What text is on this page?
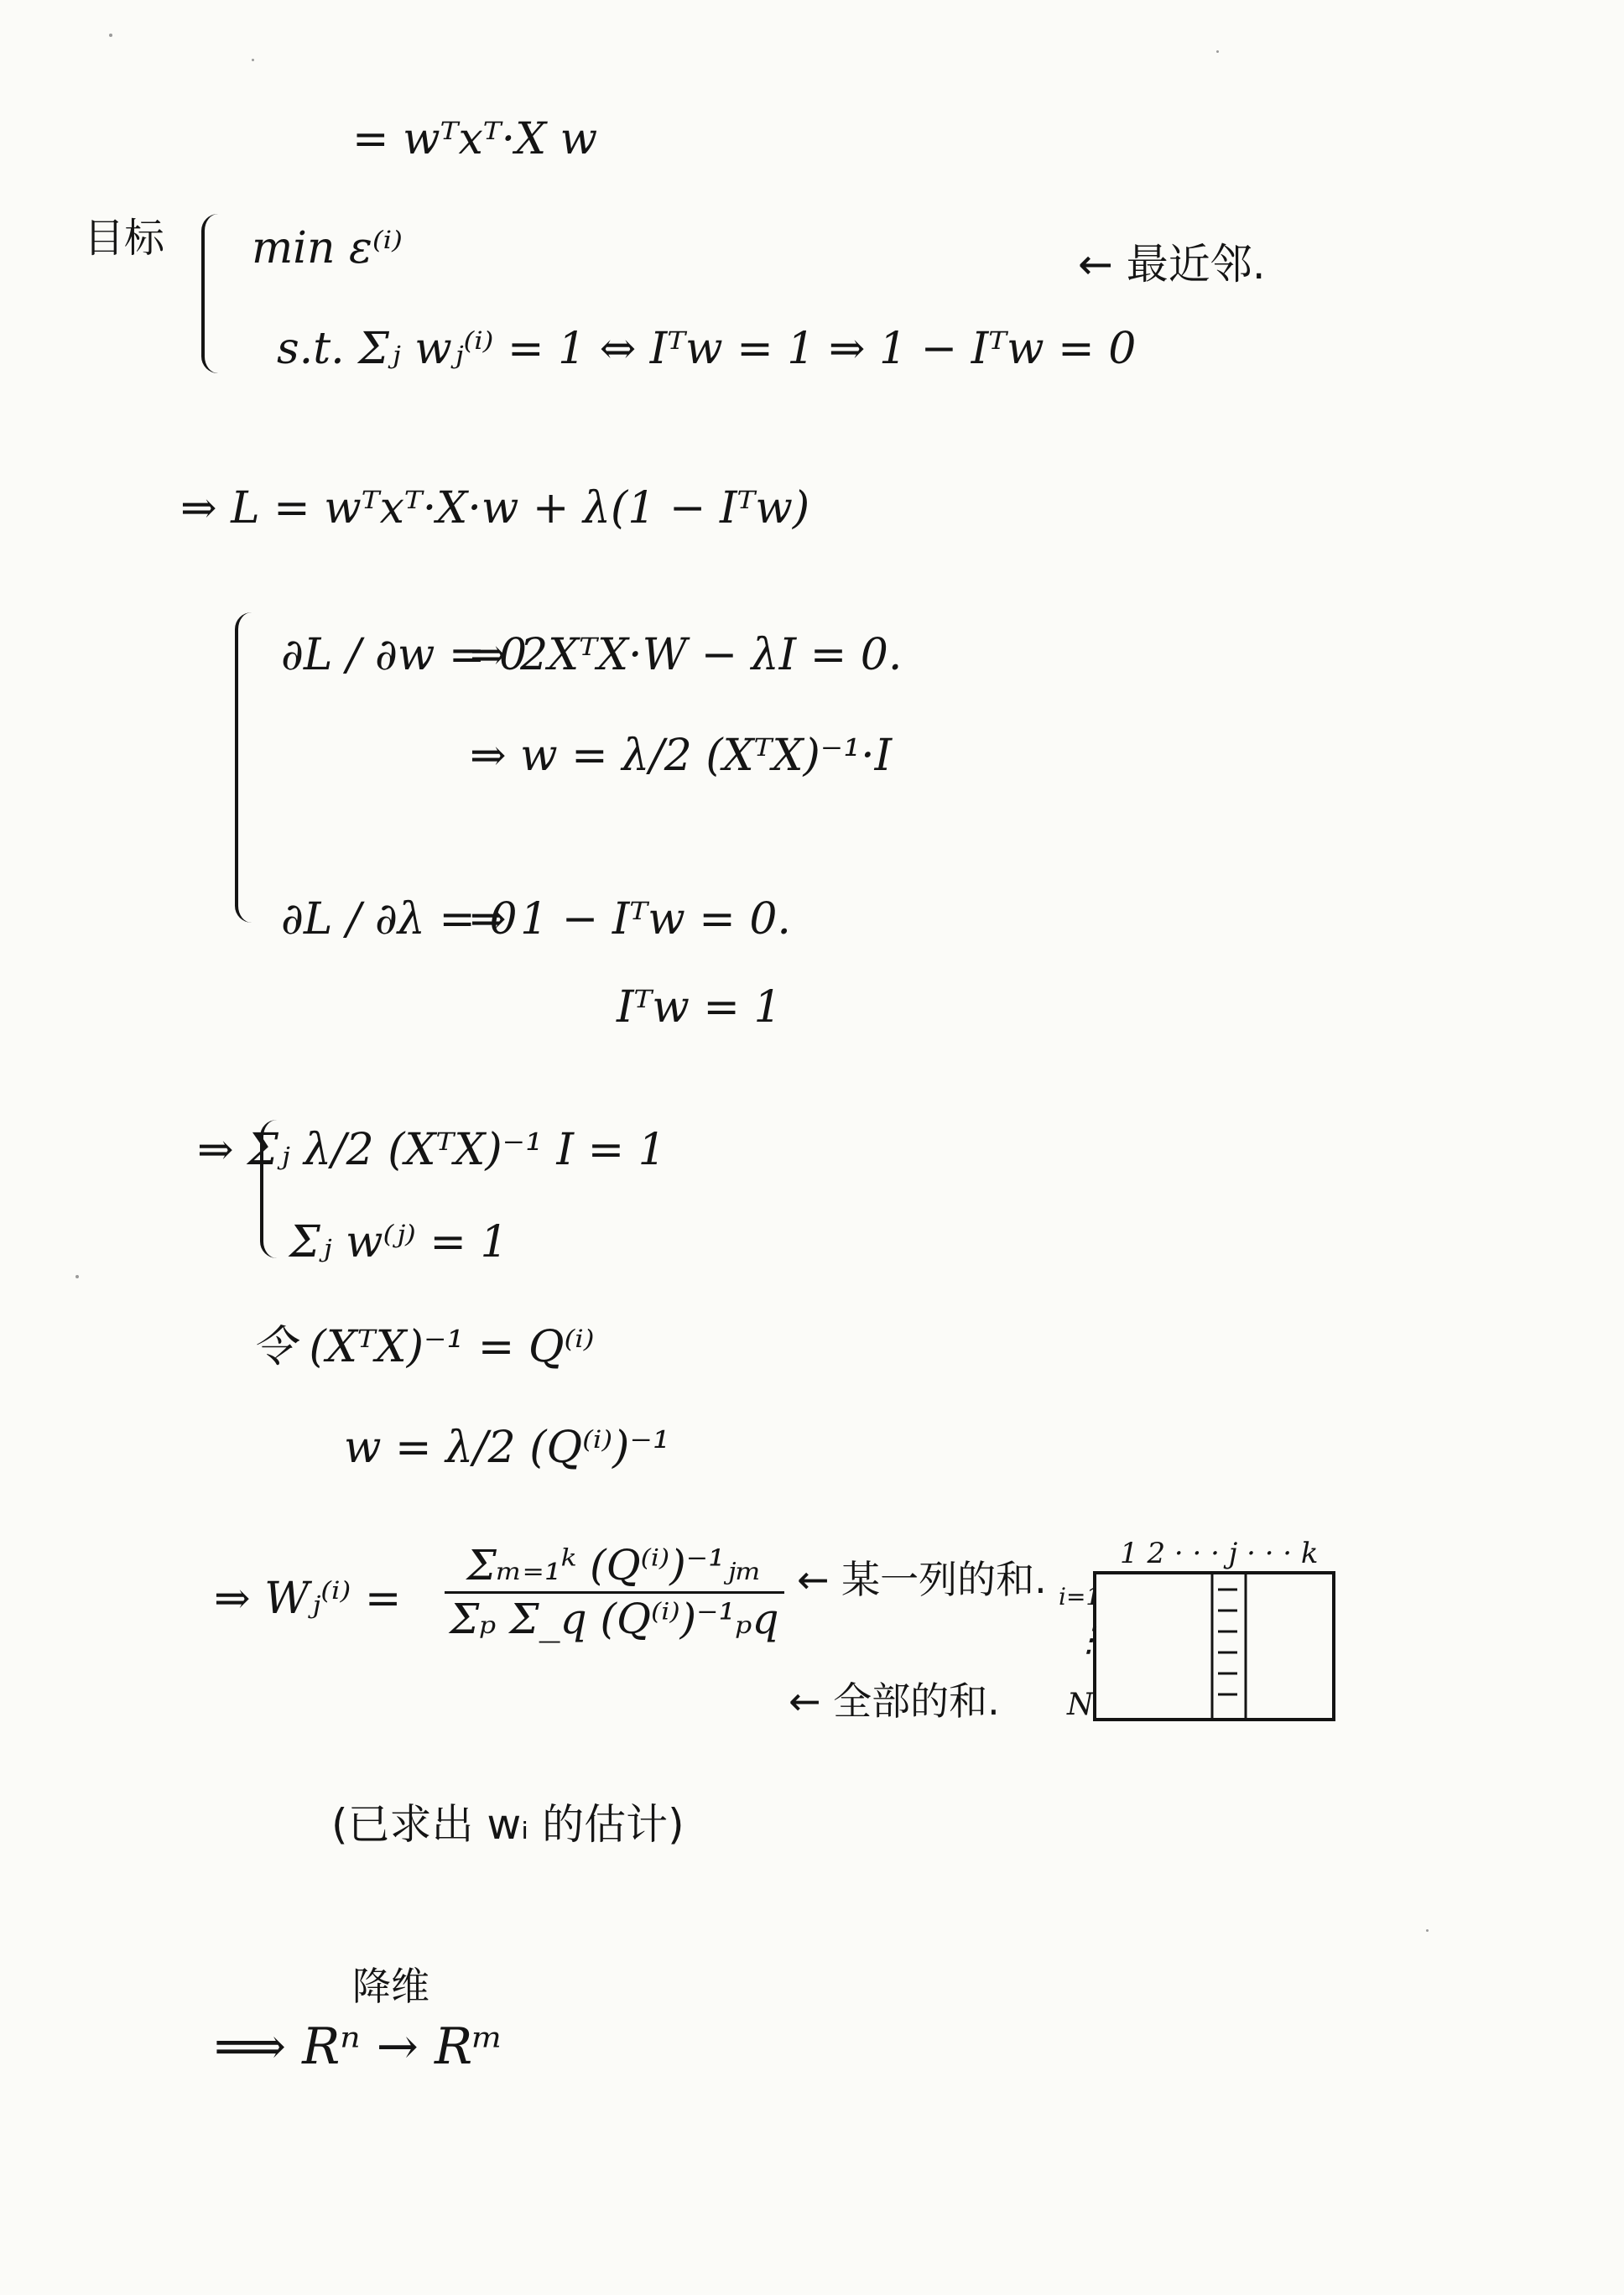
= wᵀxᵀ·X w
目标 min ε⁽ⁱ⁾	← 最近邻.
s.t. Σⱼ wⱼ⁽ⁱ⁾ = 1 ⇔ Iᵀw = 1 ⇒ 1 − Iᵀw = 0
⇒ L = wᵀxᵀ·X·w + λ(1 − Iᵀw)
∂L / ∂w = 0
⇒ 2XᵀX·W − λI = 0.
⇒ w = λ/2 (XᵀX)⁻¹·I
∂L / ∂λ = 0
⇒ 1 − Iᵀw = 0.
Iᵀw = 1
⇒ Σⱼ λ/2 (XᵀX)⁻¹ I = 1
Σⱼ w⁽ʲ⁾ = 1
令 (XᵀX)⁻¹ = Q⁽ⁱ⁾
w = λ/2 (Q⁽ⁱ⁾)⁻¹
⇒ Wⱼ⁽ⁱ⁾ =
Σₘ₌₁ᵏ (Q⁽ⁱ⁾)⁻¹ⱼₘ
Σₚ Σ_q (Q⁽ⁱ⁾)⁻¹ₚq
← 某一列的和.
← 全部的和.
1 2 · · · j · · · k
i=1
⋮
N
(已求出 wᵢ 的估计)
降维
⟹ Rⁿ → Rᵐ
